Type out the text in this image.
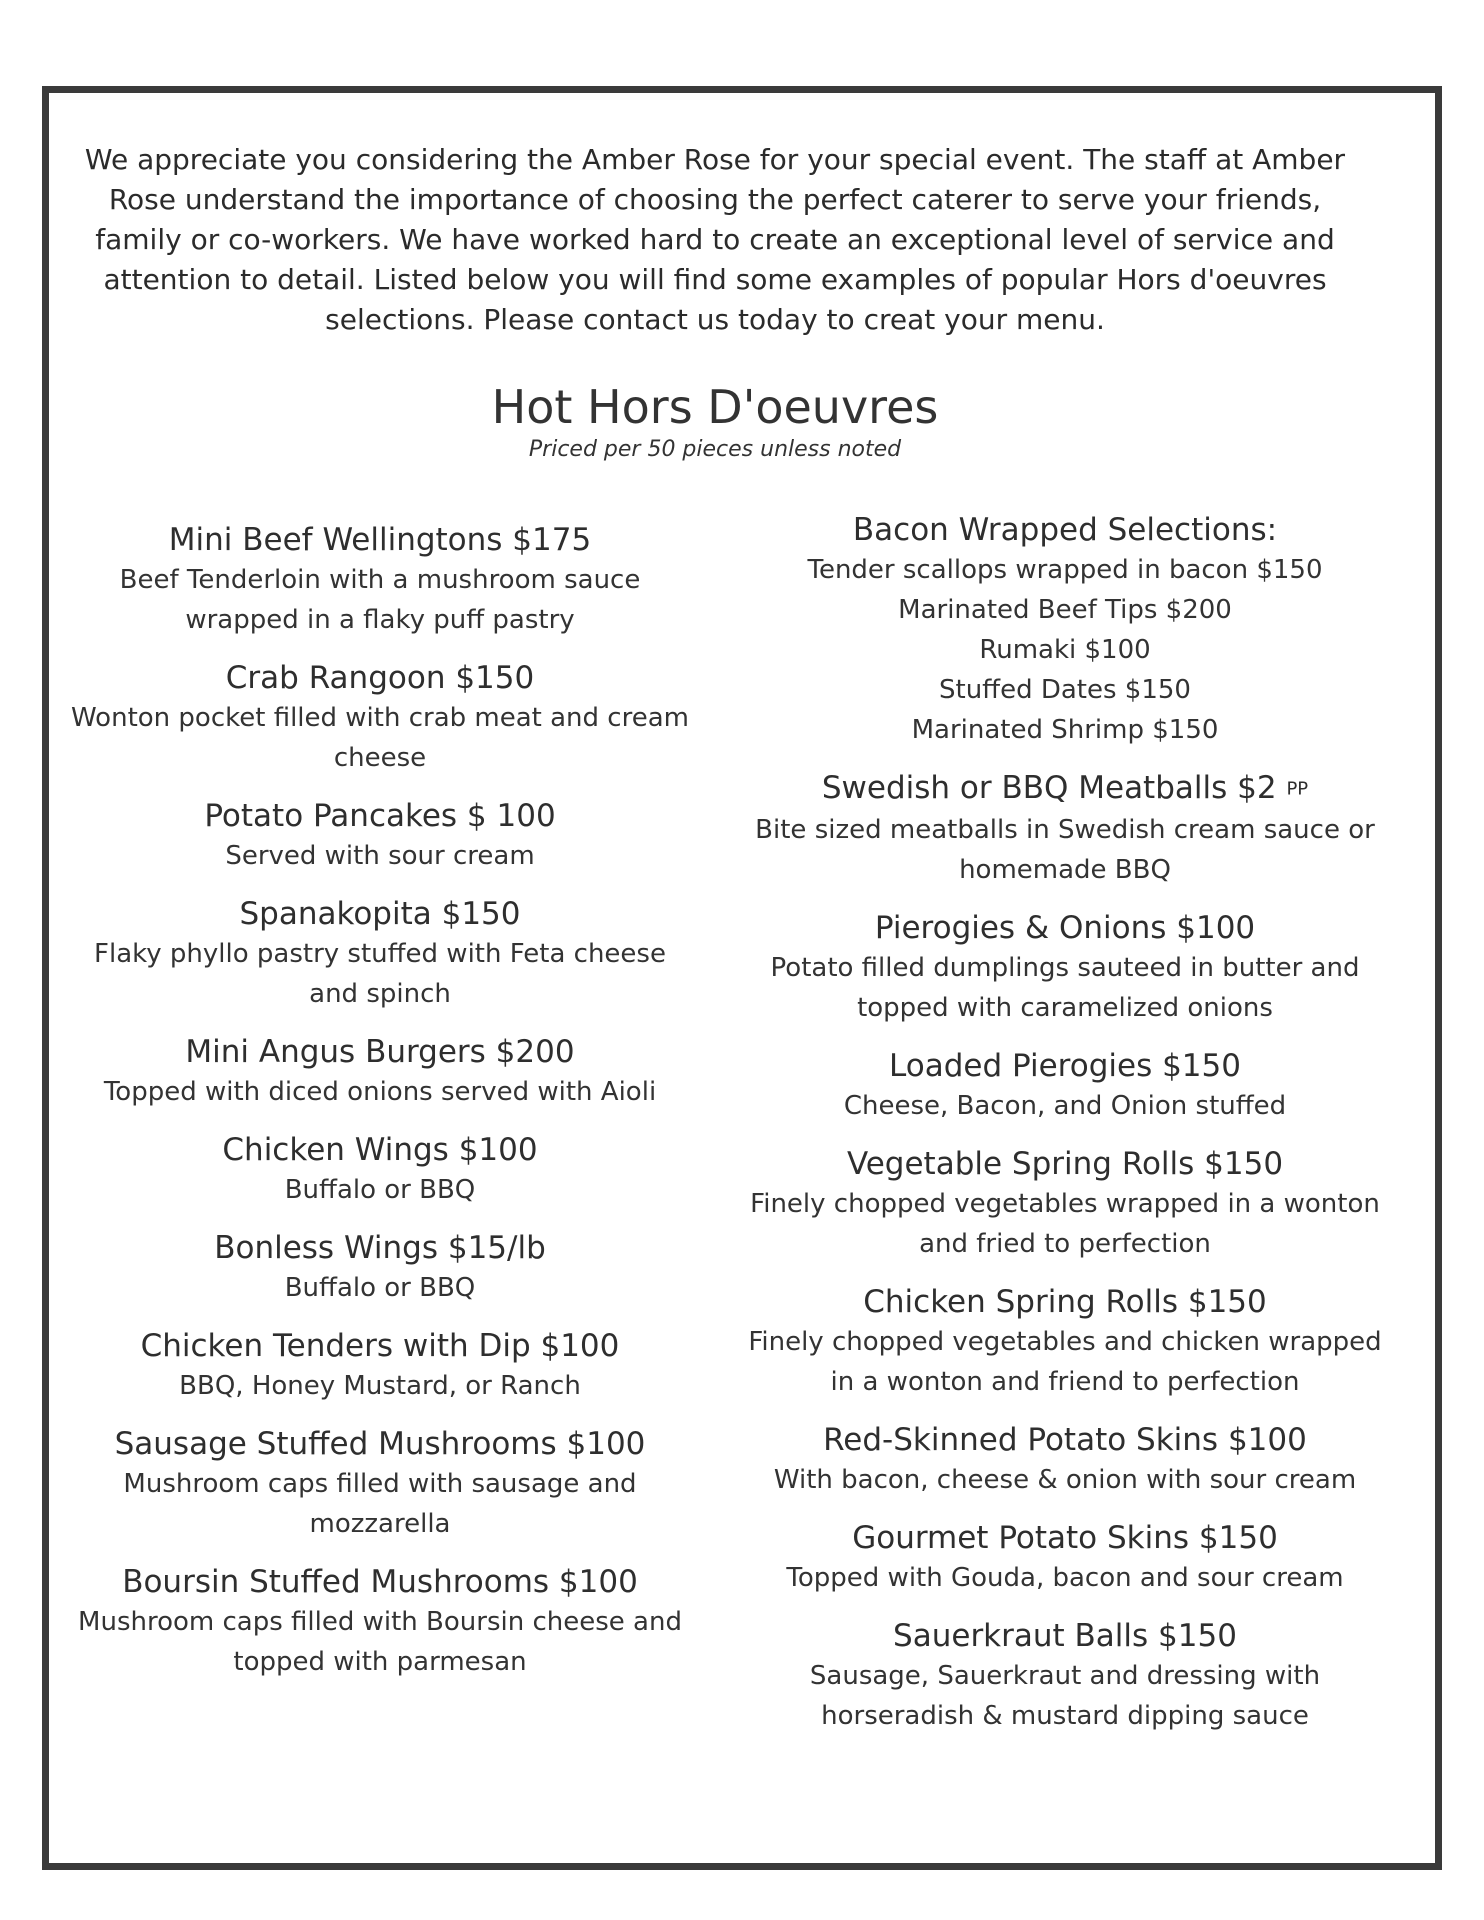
We appreciate you considering the Amber Rose for your special event. The staff at Amber Rose understand the importance of choosing the perfect caterer to serve your friends, family or co-workers. We have worked hard to create an exceptional level of service and attention to detail. Listed below you will find some examples of popular Hors d'oeuvres selections. Please contact us today to creat your menu.

Hot Hors D'oeuvres
Priced per 50 pieces unless noted
Mini Beef Wellingtons $175
Beef Tenderloin with a mushroom sauce wrapped in a flaky puff pastry
Crab Rangoon $150
Wonton pocket filled with crab meat and cream cheese
Potato Pancakes $ 100
Served with sour cream
Spanakopita $150
Flaky phyllo pastry stuffed with Feta cheese and spinch
Mini Angus Burgers $200
Topped with diced onions served with Aioli
Chicken Wings $100
Buffalo or BBQ
Bonless Wings $15/lb
Buffalo or BBQ
Chicken Tenders with Dip $100
BBQ, Honey Mustard, or Ranch
Sausage Stuffed Mushrooms $100
Mushroom caps filled with sausage and mozzarella
Boursin Stuffed Mushrooms $100
Mushroom caps filled with Boursin cheese and topped with parmesan
Bacon Wrapped Selections:
Tender scallops wrapped in bacon $150
Marinated Beef Tips $200
Rumaki $100
Stuffed Dates $150
Marinated Shrimp $150
Swedish or BBQ Meatballs $2 PP
Bite sized meatballs in Swedish cream sauce or homemade BBQ
Pierogies & Onions $100
Potato filled dumplings sauteed in butter and topped with caramelized onions
Loaded Pierogies $150
Cheese, Bacon, and Onion stuffed
Vegetable Spring Rolls $150
Finely chopped vegetables wrapped in a wonton and fried to perfection
Chicken Spring Rolls $150
Finely chopped vegetables and chicken wrapped in a wonton and friend to perfection
Red-Skinned Potato Skins $100
With bacon, cheese & onion with sour cream
Gourmet Potato Skins $150
Topped with Gouda, bacon and sour cream
Sauerkraut Balls $150
Sausage, Sauerkraut and dressing with horseradish & mustard dipping sauce
